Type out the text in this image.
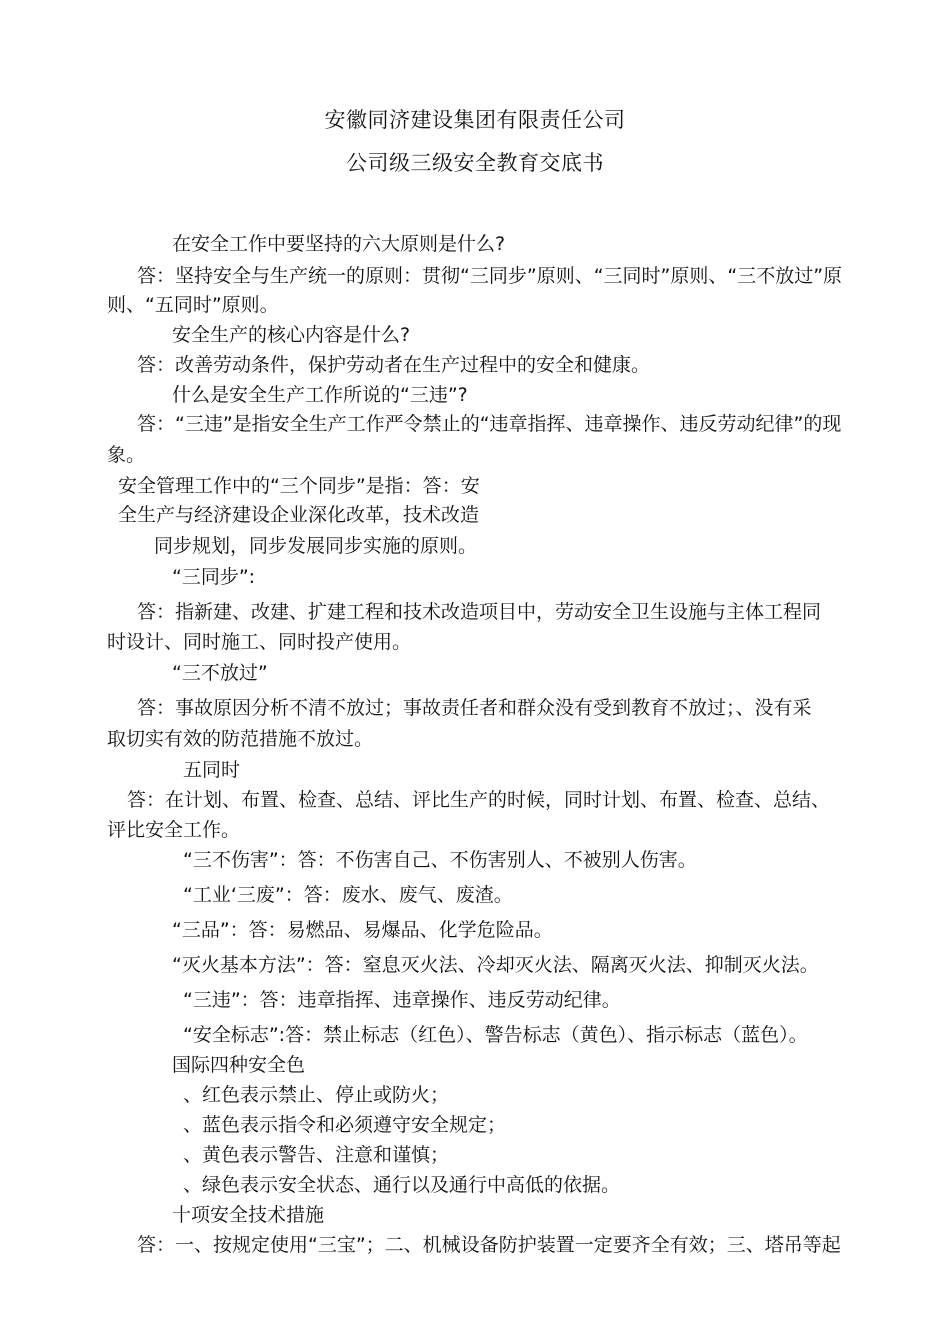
安徽同济建设集团有限责任公司
公司级三级安全教育交底书
在安全工作中要坚持的六大原则是什么?
答：坚持安全与生产统一的原则：贯彻“三同步”原则、“三同时”原则、“三不放过”原
则、“五同时”原则。
安全生产的核心内容是什么?
答：改善劳动条件，保护劳动者在生产过程中的安全和健康。
什么是安全生产工作所说的“三违”?
答：“三违”是指安全生产工作严令禁止的“违章指挥、违章操作、违反劳动纪律”的现
象。
安全管理工作中的“三个同步”是指：答：安
全生产与经济建设企业深化改革，技术改造
同步规划，同步发展同步实施的原则。
“三同步”:
答：指新建、改建、扩建工程和技术改造项目中，劳动安全卫生设施与主体工程同
时设计、同时施工、同时投产使用。
“三不放过”
答：事故原因分析不清不放过；事故责任者和群众没有受到教育不放过；、没有采
取切实有效的防范措施不放过。
五同时
答：在计划、布置、检查、总结、评比生产的时候，同时计划、布置、检查、总结、
评比安全工作。
“三不伤害”：答：不伤害自己、不伤害别人、不被别人伤害。
“工业‘三废”：答：废水、废气、废渣。
“三品”：答：易燃品、易爆品、化学危险品。
“灭火基本方法”：答：窒息灭火法、冷却灭火法、隔离灭火法、抑制灭火法。
“三违”：答：违章指挥、违章操作、违反劳动纪律。
“安全标志”:答：禁止标志（红色）、警告标志（黄色）、指示标志（蓝色）。
国际四种安全色
、红色表示禁止、停止或防火；
、蓝色表示指令和必须遵守安全规定；
、黄色表示警告、注意和谨慎；
、绿色表示安全状态、通行以及通行中高低的依据。
十项安全技术措施
答：一、按规定使用“三宝”；二、机械设备防护装置一定要齐全有效；三、塔吊等起
